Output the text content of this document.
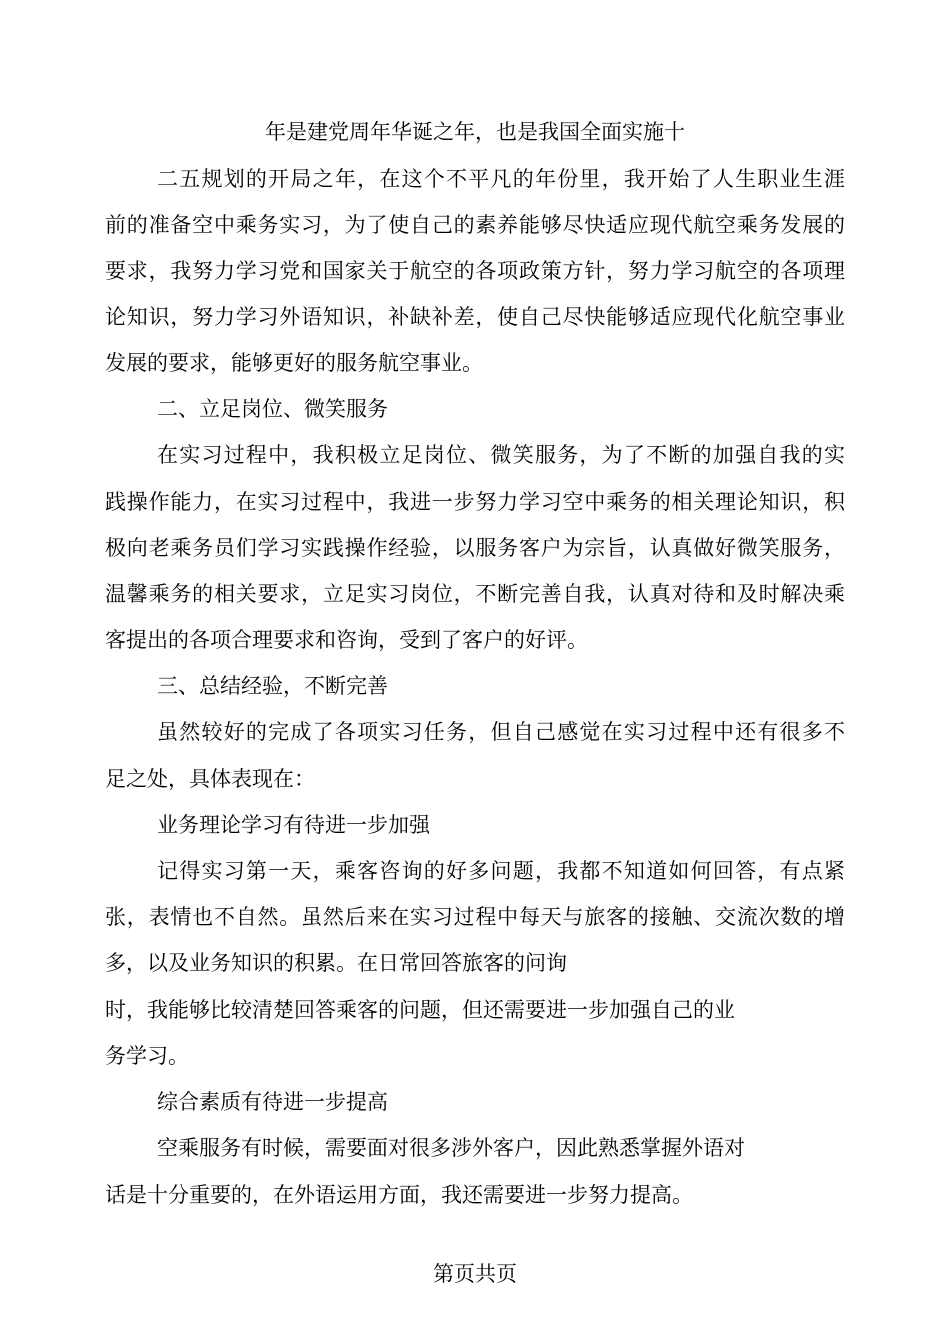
年是建党周年华诞之年，也是我国全面实施十
二五规划的开局之年，在这个不平凡的年份里，我开始了人生职业生涯
前的准备空中乘务实习，为了使自己的素养能够尽快适应现代航空乘务发展的
要求，我努力学习党和国家关于航空的各项政策方针，努力学习航空的各项理
论知识，努力学习外语知识，补缺补差，使自己尽快能够适应现代化航空事业
发展的要求，能够更好的服务航空事业。
二、立足岗位、微笑服务
在实习过程中，我积极立足岗位、微笑服务，为了不断的加强自我的实
践操作能力，在实习过程中，我进一步努力学习空中乘务的相关理论知识，积
极向老乘务员们学习实践操作经验，以服务客户为宗旨，认真做好微笑服务，
温馨乘务的相关要求，立足实习岗位，不断完善自我，认真对待和及时解决乘
客提出的各项合理要求和咨询，受到了客户的好评。
三、总结经验，不断完善
虽然较好的完成了各项实习任务，但自己感觉在实习过程中还有很多不
足之处，具体表现在：
业务理论学习有待进一步加强
记得实习第一天，乘客咨询的好多问题，我都不知道如何回答，有点紧
张，表情也不自然。虽然后来在实习过程中每天与旅客的接触、交流次数的增
多，以及业务知识的积累。在日常回答旅客的问询
时，我能够比较清楚回答乘客的问题，但还需要进一步加强自己的业
务学习。
综合素质有待进一步提高
空乘服务有时候，需要面对很多涉外客户，因此熟悉掌握外语对
话是十分重要的，在外语运用方面，我还需要进一步努力提高。
第页共页
